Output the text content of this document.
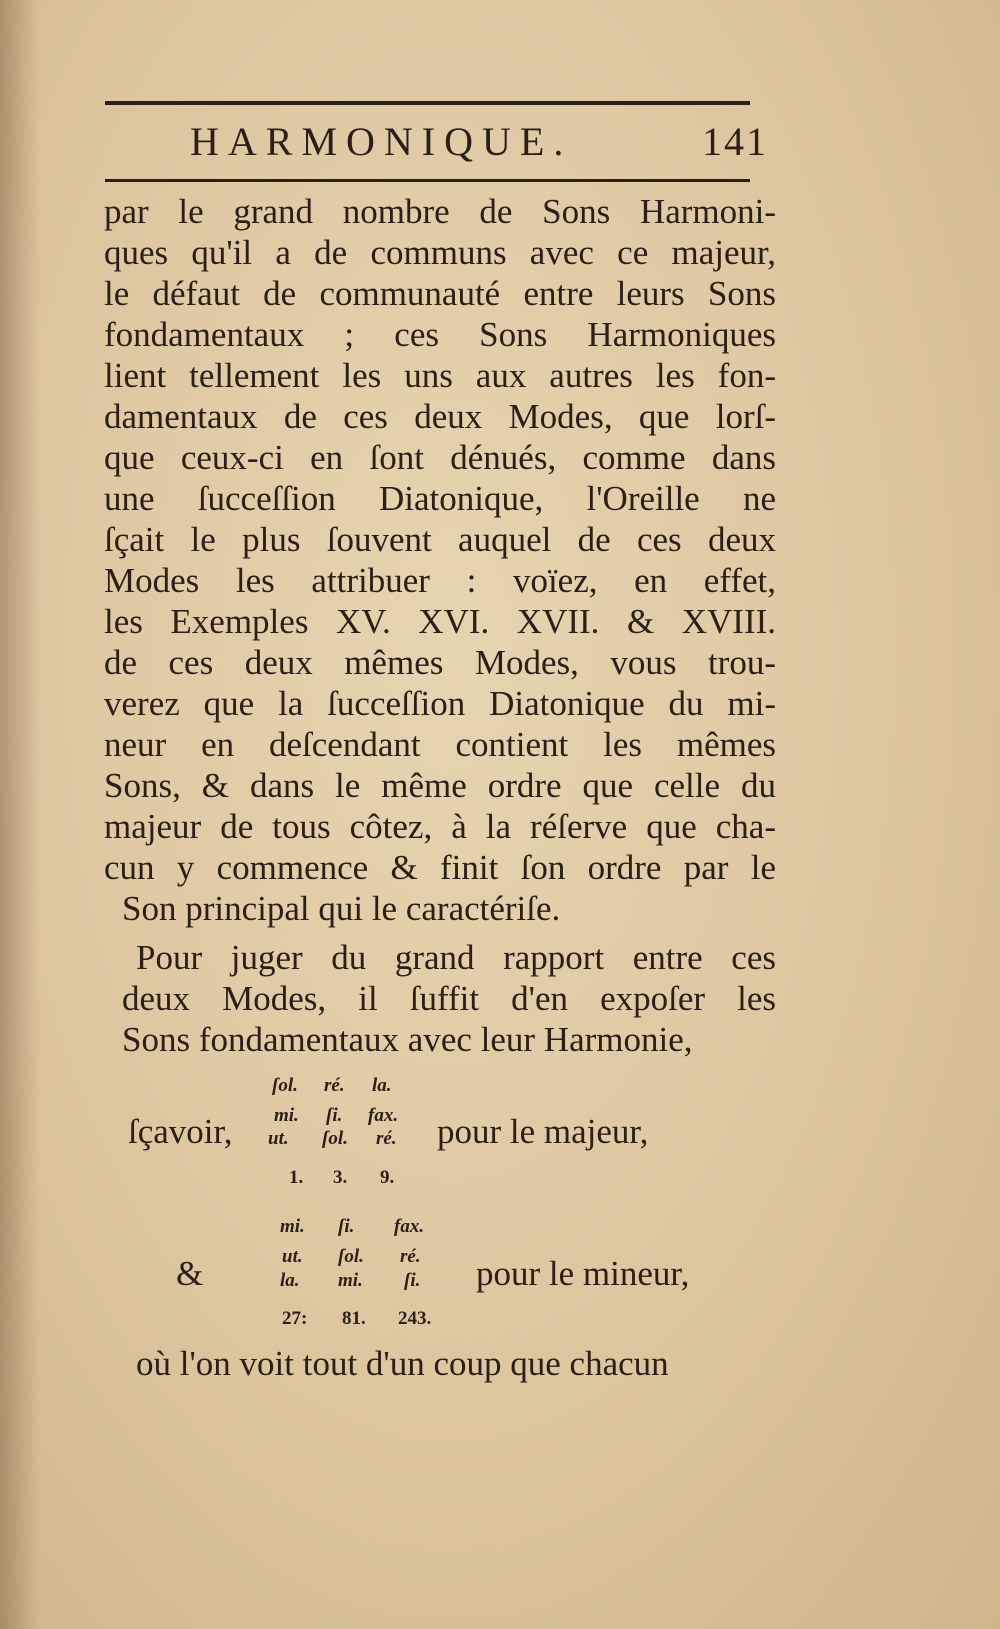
HARMONIQUE.	141
par le grand nombre de Sons Harmoni-
ques qu'il a de communs avec ce majeur,
le défaut de communauté entre leurs Sons
fondamentaux ; ces Sons Harmoniques
lient tellement les uns aux autres les fon-
damentaux de ces deux Modes, que lorſ-
que ceux-ci en ſont dénués, comme dans
une ſucceſſion Diatonique, l'Oreille ne
ſçait le plus ſouvent auquel de ces deux
Modes les attribuer : voïez, en effet,
les Exemples XV. XVI. XVII. & XVIII.
de ces deux mêmes Modes, vous trou-
verez que la ſucceſſion Diatonique du mi-
neur en deſcendant contient les mêmes
Sons, & dans le même ordre que celle du
majeur de tous côtez, à la réſerve que cha-
cun y commence & finit ſon ordre par le
Son principal qui le caractériſe.
Pour juger du grand rapport entre ces
deux Modes, il ſuffit d'en expoſer les
Sons fondamentaux avec leur Harmonie,
ſol. ré. la.
ſçavoir, mi. ſi. fax.
ut. ſol. ré. pour le majeur,
1. 3. 9.
mi. ſi. fax.
ut. ſol. ré.
&	la. mi. ſi. pour le mineur,
27: 81. 243.
où l'on voit tout d'un coup que chacun
